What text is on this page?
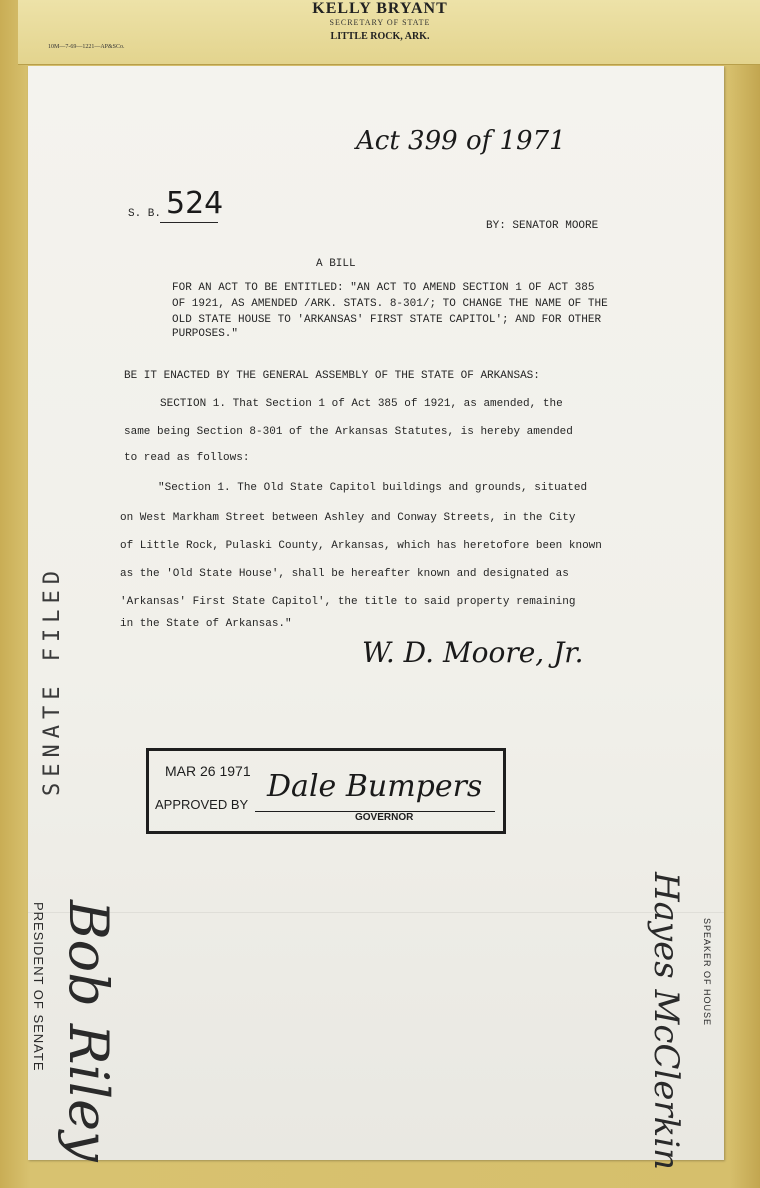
KELLY BRYANT
SECRETARY OF STATE
LITTLE ROCK, ARK.
10M—7-69—1221—AP&SCo.
Act 399 of 1971
S. B. 524
BY: SENATOR MOORE
A BILL
FOR AN ACT TO BE ENTITLED: "AN ACT TO AMEND SECTION 1 OF ACT 385
OF 1921, AS AMENDED /ARK. STATS. 8-301/; TO CHANGE THE NAME OF THE
OLD STATE HOUSE TO 'ARKANSAS' FIRST STATE CAPITOL'; AND FOR OTHER
PURPOSES."
BE IT ENACTED BY THE GENERAL ASSEMBLY OF THE STATE OF ARKANSAS:
SECTION 1. That Section 1 of Act 385 of 1921, as amended, the
same being Section 8-301 of the Arkansas Statutes, is hereby amended
to read as follows:
"Section 1. The Old State Capitol buildings and grounds, situated
on West Markham Street between Ashley and Conway Streets, in the City
of Little Rock, Pulaski County, Arkansas, which has heretofore been known
as the 'Old State House', shall be hereafter known and designated as
'Arkansas' First State Capitol', the title to said property remaining
in the State of Arkansas."
W. D. Moore, Jr.
MAR 26 1971
APPROVED BY
Dale Bumpers
GOVERNOR
SENATE FILED
PRESIDENT OF SENATE Bob Riley	SPEAKER OF HOUSE
Hayes McClerkin
